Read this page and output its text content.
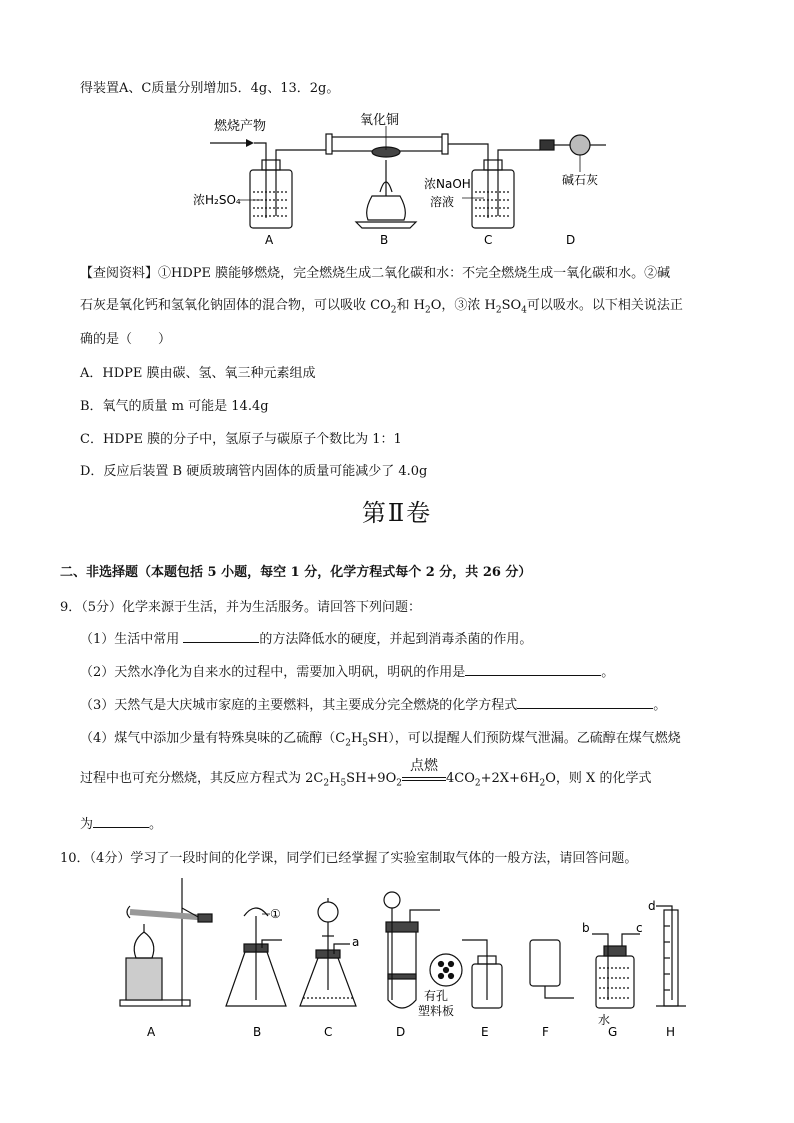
得装置A、C质量分别增加5．4g、13．2g。
燃烧产物
浓H₂SO₄
A
氧化铜
B
浓NaOH
溶液
C
碱石灰
D
【查阅资料】①HDPE 膜能够燃烧，完全燃烧生成二氧化碳和水：不完全燃烧生成一氧化碳和水。②碱
石灰是氧化钙和氢氧化钠固体的混合物，可以吸收 $CO_2$和 $H_2O$，③浓 $H_2SO_4$可以吸水。以下相关说法正
确的是（　　）
A．HDPE 膜由碳、氢、氧三种元素组成
B．氧气的质量 m 可能是 14.4g
C．HDPE 膜的分子中，氢原子与碳原子个数比为 1：1
D．反应后装置 B 硬质玻璃管内固体的质量可能减少了 4.0g
第Ⅱ卷
二、非选择题（本题包括 5 小题，每空 1 分，化学方程式每个 2 分，共 26 分）
9．（5分）化学来源于生活，并为生活服务。请回答下列问题：
（1）生活中常用	的方法降低水的硬度，并起到消毒杀菌的作用。
（2）天然水净化为自来水的过程中，需要加入明矾，明矾的作用是	。
（3）天然气是大庆城市家庭的主要燃料，其主要成分完全燃烧的化学方程式	。
（4）煤气中添加少量有特殊臭味的乙硫醇$(C_2H_5SH)$，可以提醒人们预防煤气泄漏。乙硫醇在煤气燃烧
过程中也可充分燃烧，其反应方程式为 $2C_2H_5SH+9O_2$
点燃
$4CO_2+2X+6H_2O$，则 X 的化学式
为	。
10．（4分）学习了一段时间的化学课，同学们已经掌握了实验室制取气体的一般方法，请回答问题。
A
①
B
a
C
有孔
塑料板
D	E	F
b	c
水
G
d
H
